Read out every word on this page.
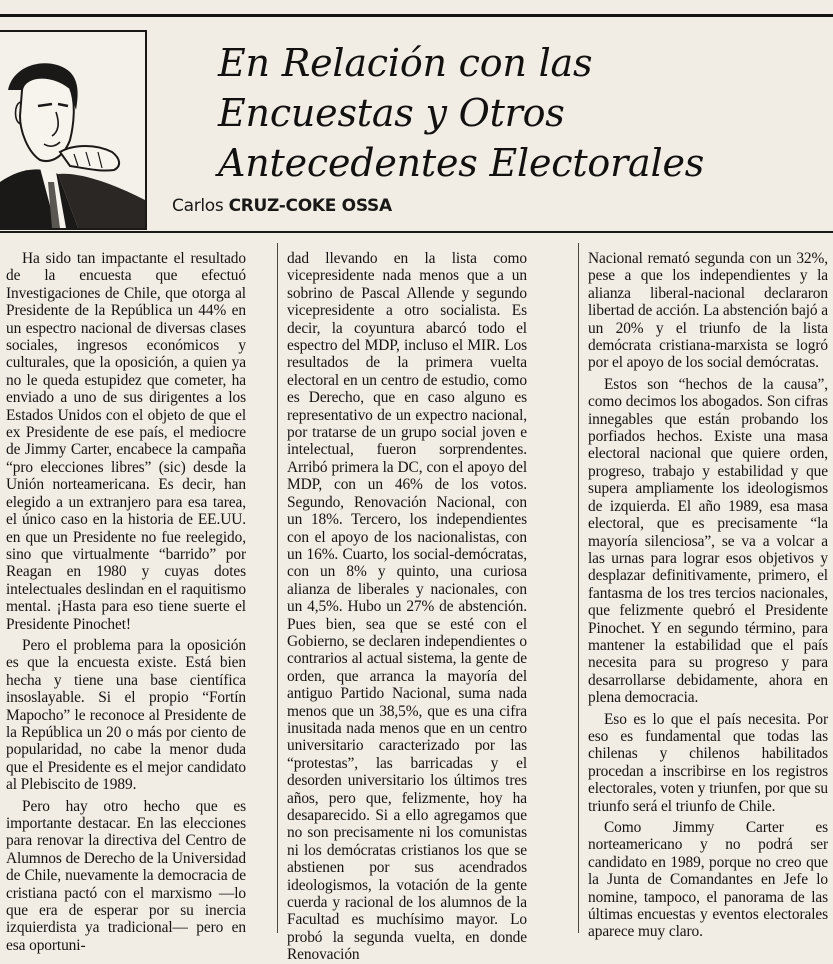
En Relación con las
Encuestas y Otros
Antecedentes Electorales
Carlos CRUZ-COKE OSSA

Ha sido tan impactante el resultado de la encuesta que efectuó Investigaciones de Chile, que otorga al Presidente de la República un 44% en un espectro nacional de diversas clases sociales, ingresos económicos y culturales, que la oposición, a quien ya no le queda estupidez que cometer, ha enviado a uno de sus dirigentes a los Estados Unidos con el objeto de que el ex Presidente de ese país, el mediocre de Jimmy Carter, encabece la campaña “pro elecciones libres” (sic) desde la Unión norteamericana. Es decir, han elegido a un extranjero para esa tarea, el único caso en la historia de EE.UU. en que un Presidente no fue reelegido, sino que virtualmente “barrido” por Reagan en 1980 y cuyas dotes intelectuales deslindan en el raquitismo mental. ¡Hasta para eso tiene suerte el Presidente Pinochet!

Pero el problema para la oposición es que la encuesta existe. Está bien hecha y tiene una base científica insoslayable. Si el propio “Fortín Mapocho” le reconoce al Presidente de la República un 20 o más por ciento de popularidad, no cabe la menor duda que el Presidente es el mejor candidato al Plebiscito de 1989.

Pero hay otro hecho que es importante destacar. En las elecciones para renovar la directiva del Centro de Alumnos de Derecho de la Universidad de Chile, nuevamente la democracia de cristiana pactó con el marxismo —lo que era de esperar por su inercia izquierdista ya tradicional— pero en esa oportuni-

dad llevando en la lista como vicepresidente nada menos que a un sobrino de Pascal Allende y segundo vicepresidente a otro socialista. Es decir, la coyuntura abarcó todo el espectro del MDP, incluso el MIR. Los resultados de la primera vuelta electoral en un centro de estudio, como es Derecho, que en caso alguno es representativo de un expectro nacional, por tratarse de un grupo social joven e intelectual, fueron sorprendentes. Arribó primera la DC, con el apoyo del MDP, con un 46% de los votos. Segundo, Renovación Nacional, con un 18%. Tercero, los independientes con el apoyo de los nacionalistas, con un 16%. Cuarto, los social-demócratas, con un 8% y quinto, una curiosa alianza de liberales y nacionales, con un 4,5%. Hubo un 27% de abstención. Pues bien, sea que se esté con el Gobierno, se declaren independientes o contrarios al actual sistema, la gente de orden, que arranca la mayoría del antiguo Partido Nacional, suma nada menos que un 38,5%, que es una cifra inusitada nada menos que en un centro universitario caracterizado por las “protestas”, las barricadas y el desorden universitario los últimos tres años, pero que, felizmente, hoy ha desaparecido. Si a ello agregamos que no son precisamente ni los comunistas ni los demócratas cristianos los que se abstienen por sus acendrados ideologismos, la votación de la gente cuerda y racional de los alumnos de la Facultad es muchísimo mayor. Lo probó la segunda vuelta, en donde Renovación

Nacional remató segunda con un 32%, pese a que los independientes y la alianza liberal-nacional declararon libertad de acción. La abstención bajó a un 20% y el triunfo de la lista demócrata cristiana-marxista se logró por el apoyo de los social demócratas.

Estos son “hechos de la causa”, como decimos los abogados. Son cifras innegables que están probando los porfiados hechos. Existe una masa electoral nacional que quiere orden, progreso, trabajo y estabilidad y que supera ampliamente los ideologismos de izquierda. El año 1989, esa masa electoral, que es precisamente “la mayoría silenciosa”, se va a volcar a las urnas para lograr esos objetivos y desplazar definitivamente, primero, el fantasma de los tres tercios nacionales, que felizmente quebró el Presidente Pinochet. Y en segundo término, para mantener la estabilidad que el país necesita para su progreso y para desarrollarse debidamente, ahora en plena democracia.

Eso es lo que el país necesita. Por eso es fundamental que todas las chilenas y chilenos habilitados procedan a inscribirse en los registros electorales, voten y triunfen, por que su triunfo será el triunfo de Chile.

Como Jimmy Carter es norteamericano y no podrá ser candidato en 1989, porque no creo que la Junta de Comandantes en Jefe lo nomine, tampoco, el panorama de las últimas encuestas y eventos electorales aparece muy claro.
